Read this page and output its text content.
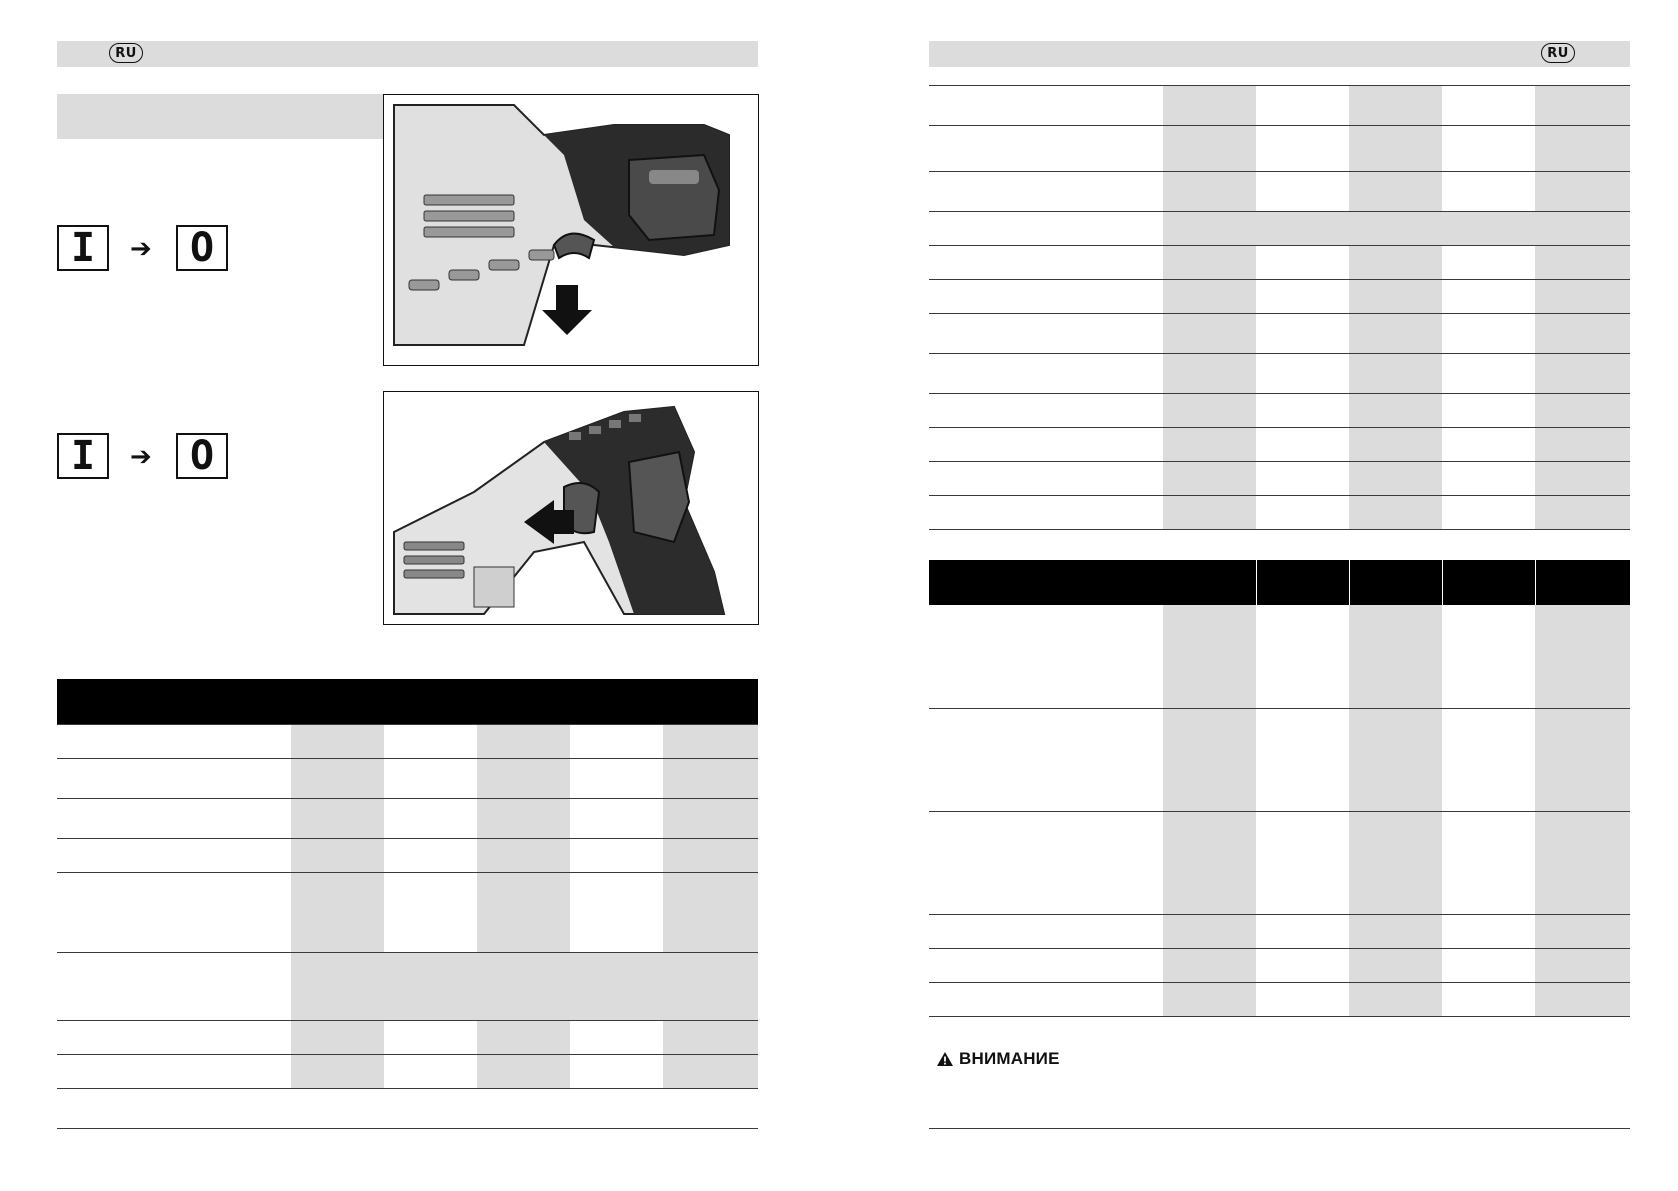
RU
I	➔ O
I	➔ O

RU

ВНИМАНИЕ
